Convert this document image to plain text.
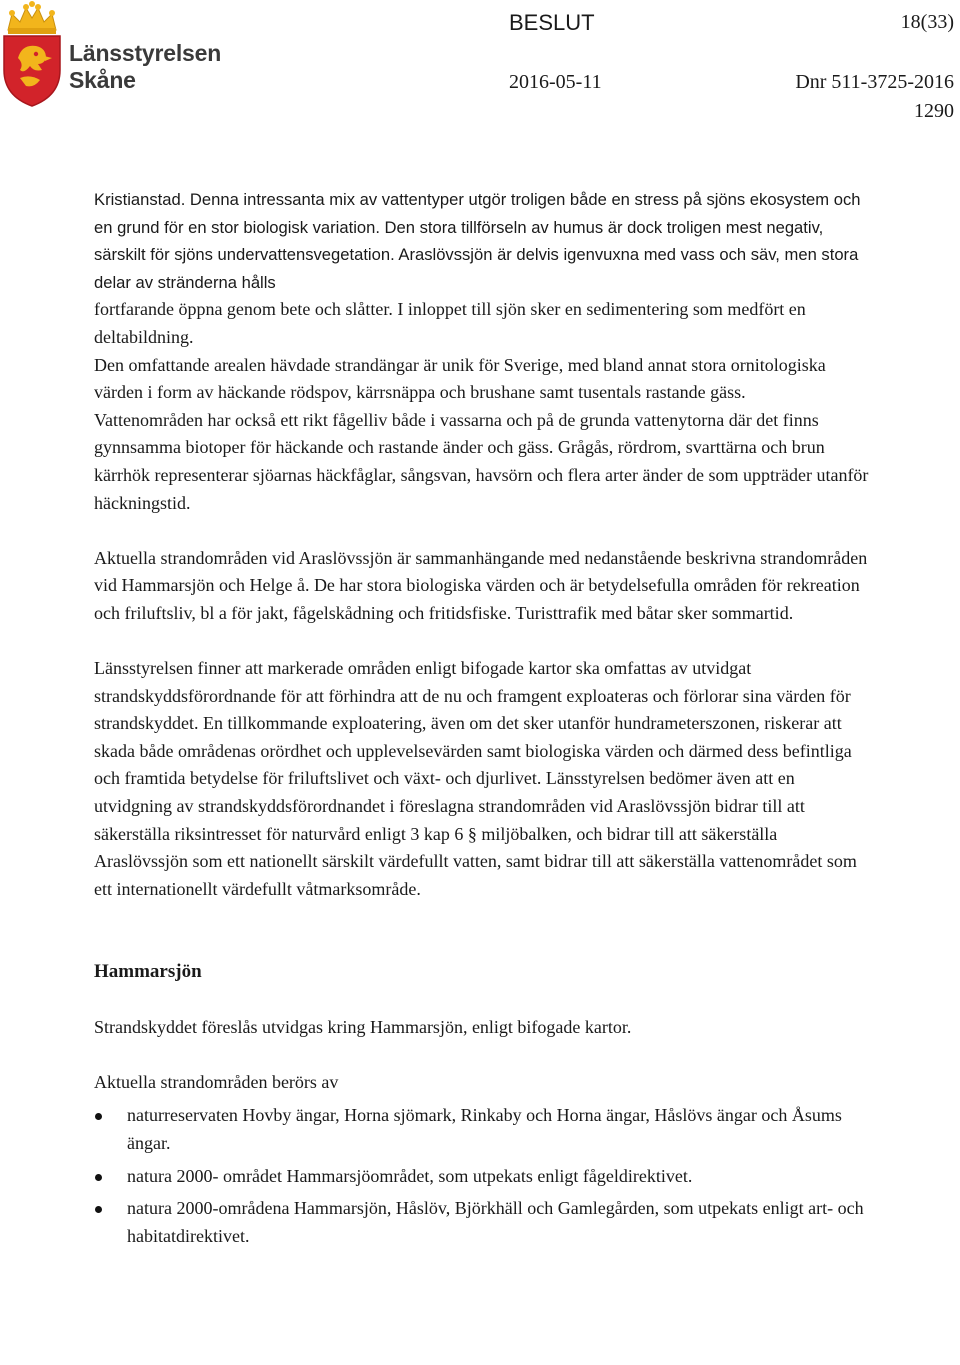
Länsstyrelsen
Skåne
BESLUT	18(33)
2016-05-11	Dnr 511-3725-2016
1290

Kristianstad. Denna intressanta mix av vattentyper utgör troligen både en stress på sjöns ekosystem och en grund för en stor biologisk variation. Den stora tillförseln av humus är dock troligen mest negativ, särskilt för sjöns undervattensvegetation. Araslövssjön är delvis igenvuxna med vass och säv, men stora delar av stränderna hålls

fortfarande öppna genom bete och slåtter. I inloppet till sjön sker en sedimentering som medfört en deltabildning.

Den omfattande arealen hävdade strandängar är unik för Sverige, med bland annat stora ornitologiska värden i form av häckande rödspov, kärrsnäppa och brushane samt tusentals rastande gäss.

Vattenområden har också ett rikt fågelliv både i vassarna och på de grunda vattenytorna där det finns gynnsamma biotoper för häckande och rastande änder och gäss. Grågås, rördrom, svarttärna och brun kärrhök representerar sjöarnas häckfåglar, sångsvan, havsörn och flera arter änder de som uppträder utanför häckningstid.

Aktuella strandområden vid Araslövssjön är sammanhängande med nedanstående beskrivna strandområden vid Hammarsjön och Helge å. De har stora biologiska värden och är betydelsefulla områden för rekreation och friluftsliv, bl a för jakt, fågelskådning och fritidsfiske. Turisttrafik med båtar sker sommartid.

Länsstyrelsen finner att markerade områden enligt bifogade kartor ska omfattas av utvidgat strandskyddsförordnande för att förhindra att de nu och framgent exploateras och förlorar sina värden för strandskyddet. En tillkommande exploatering, även om det sker utanför hundrameterszonen, riskerar att skada både områdenas orördhet och upplevelsevärden samt biologiska värden och därmed dess befintliga och framtida betydelse för friluftslivet och växt- och djurlivet. Länsstyrelsen bedömer även att en utvidgning av strandskyddsförordnandet i föreslagna strandområden vid Araslövssjön bidrar till att säkerställa riksintresset för naturvård enligt 3 kap 6 § miljöbalken, och bidrar till att säkerställa Araslövssjön som ett nationellt särskilt värdefullt vatten, samt bidrar till att säkerställa vattenområdet som ett internationellt värdefullt våtmarksområde.

Hammarsjön

Strandskyddet föreslås utvidgas kring Hammarsjön, enligt bifogade kartor.

Aktuella strandområden berörs av

naturreservaten Hovby ängar, Horna sjömark, Rinkaby och Horna ängar, Håslövs ängar och Åsums ängar.
natura 2000- området Hammarsjöområdet, som utpekats enligt fågeldirektivet.
natura 2000-områdena Hammarsjön, Håslöv, Björkhäll och Gamlegården, som utpekats enligt art- och habitatdirektivet.
